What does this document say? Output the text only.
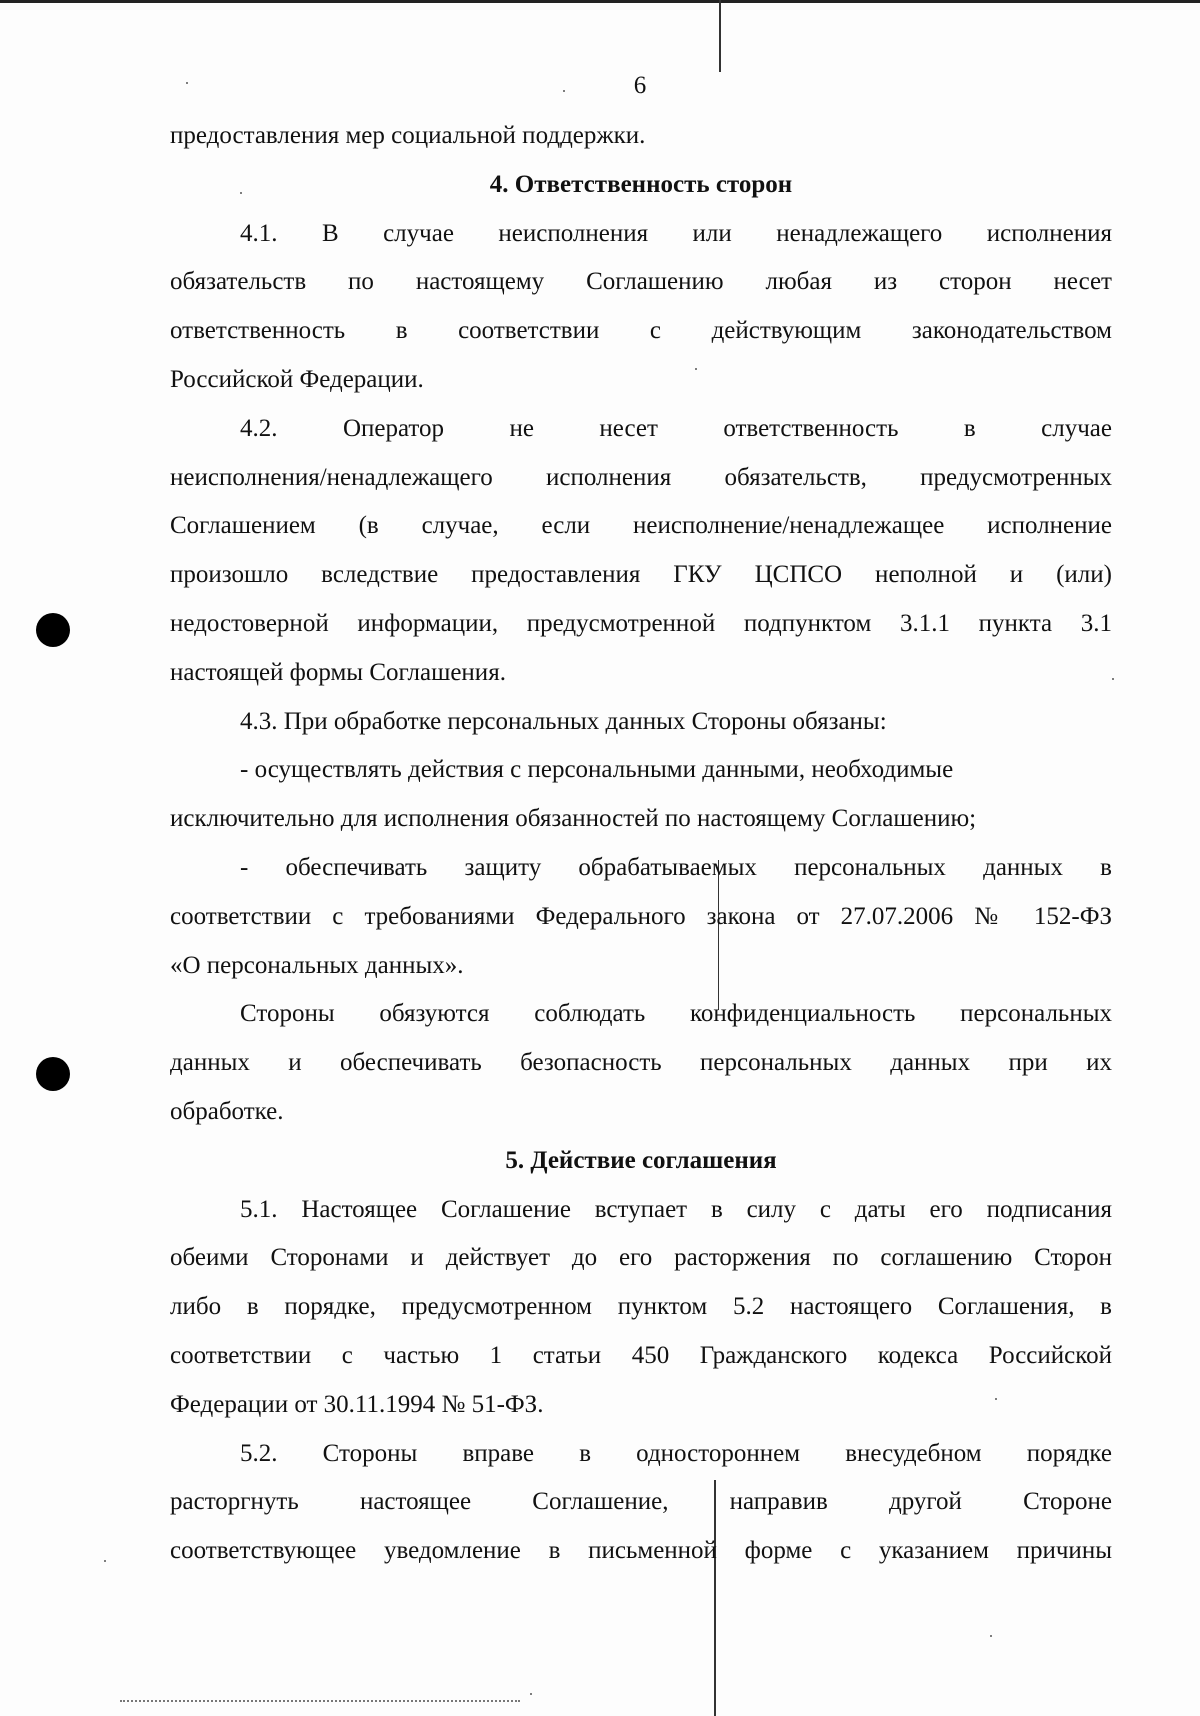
6
предоставления мер социальной поддержки.
4. Ответственность сторон
4.1. В случае неисполнения или ненадлежащего исполнения
обязательств по настоящему Соглашению любая из сторон несет
ответственность в соответствии с действующим законодательством
Российской Федерации.
4.2. Оператор не несет ответственность в случае
неисполнения/ненадлежащего исполнения обязательств, предусмотренных
Соглашением (в случае, если неисполнение/ненадлежащее исполнение
произошло вследствие предоставления ГКУ ЦСПСО неполной и (или)
недостоверной информации, предусмотренной подпунктом 3.1.1 пункта 3.1
настоящей формы Соглашения.
4.3. При обработке персональных данных Стороны обязаны:
- осуществлять действия с персональными данными, необходимые
исключительно для исполнения обязанностей по настоящему Соглашению;
- обеспечивать защиту обрабатываемых персональных данных в
соответствии с требованиями Федерального закона от 27.07.2006 № 152-ФЗ
«О персональных данных».
Стороны обязуются соблюдать конфиденциальность персональных
данных и обеспечивать безопасность персональных данных при их
обработке.
5. Действие соглашения
5.1. Настоящее Соглашение вступает в силу с даты его подписания
обеими Сторонами и действует до его расторжения по соглашению Сторон
либо в порядке, предусмотренном пунктом 5.2 настоящего Соглашения, в
соответствии с частью 1 статьи 450 Гражданского кодекса Российской
Федерации от 30.11.1994 № 51-ФЗ.
5.2. Стороны вправе в одностороннем внесудебном порядке
расторгнуть настоящее Соглашение, направив другой Стороне
соответствующее уведомление в письменной форме с указанием причины
